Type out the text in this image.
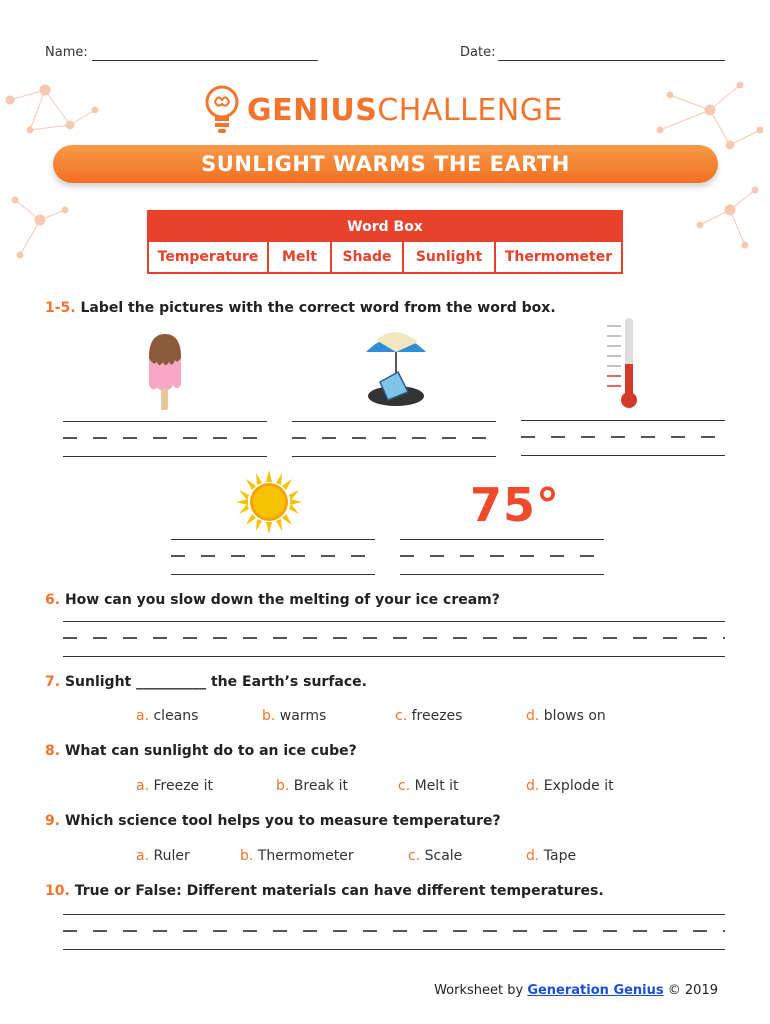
Name:	Date:
GENIUSCHALLENGE
SUNLIGHT WARMS THE EARTH
Word Box
Temperature	Melt	Shade	Sunlight	Thermometer
1-5. Label the pictures with the correct word from the word box.
75°
6. How can you slow down the melting of your ice cream?
7. Sunlight __________ the Earth’s surface.
a. cleans	b. warms	c. freezes	d. blows on
8. What can sunlight do to an ice cube?
a. Freeze it	b. Break it	c. Melt it	d. Explode it
9. Which science tool helps you to measure temperature?
a. Ruler	b. Thermometer	c. Scale	d. Tape
10. True or False: Different materials can have different temperatures.
Worksheet by Generation Genius © 2019
